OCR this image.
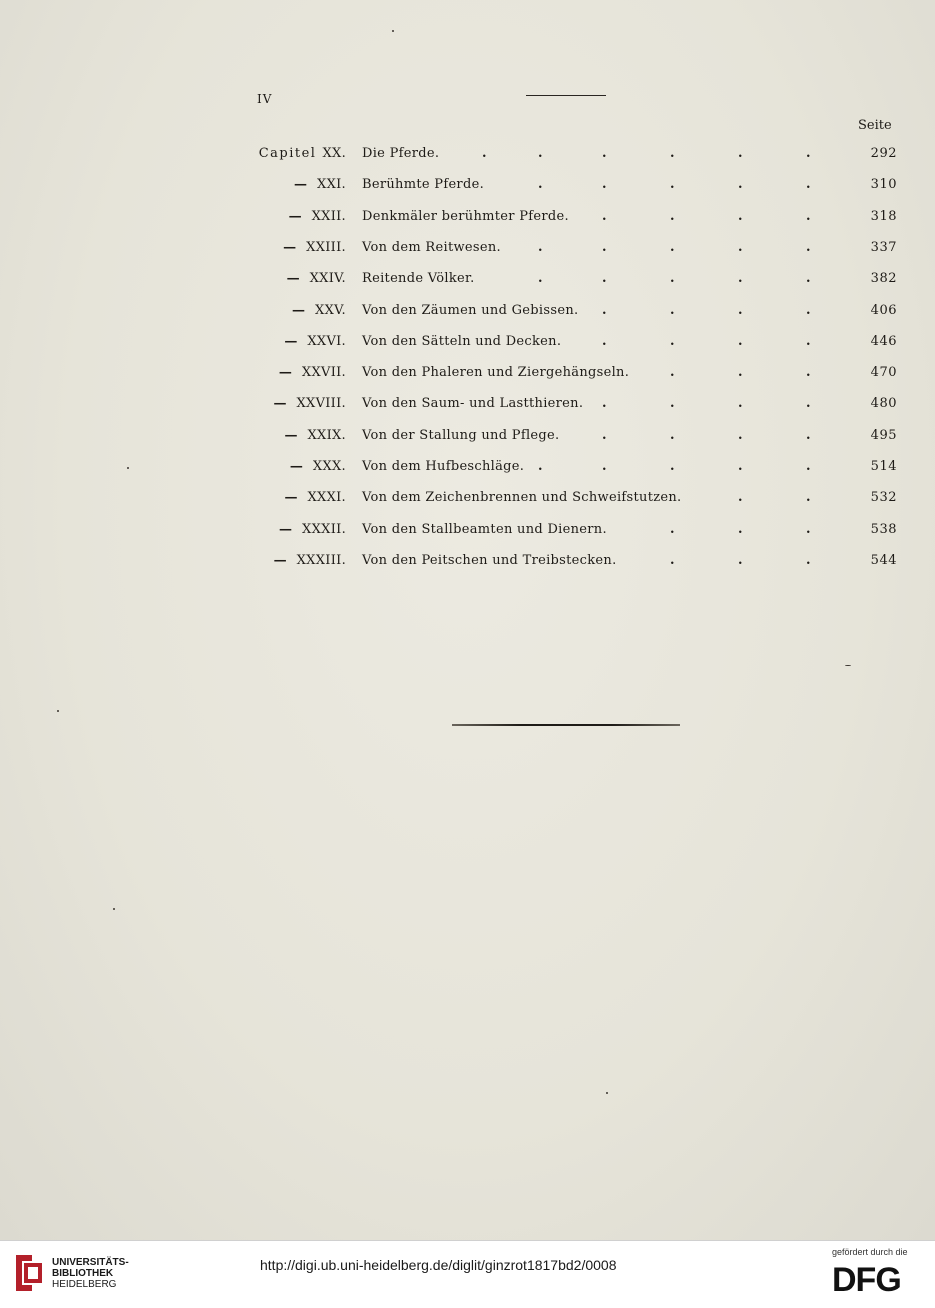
IV
Seite
Capitel XX. Die Pferde.	.	.	.	.	.	.	292
— XXI. Berühmte Pferde.	.	.	.	.	.	310
— XXII. Denkmäler berühmter Pferde.	.	.	.	.	318
— XXIII. Von dem Reitwesen.	.	.	.	.	.	337
— XXIV. Reitende Völker.	.	.	.	.	.	382
— XXV. Von den Zäumen und Gebissen. .	.	.	.	406
— XXVI. Von den Sätteln und Decken.	.	.	.	.	446
— XXVII. Von den Phaleren und Ziergehängseln.	.	.	.	470
— XXVIII. Von den Saum- und Lastthieren. .	.	.	.	480
— XXIX. Von der Stallung und Pflege.	.	.	.	.	495
— XXX. Von dem Hufbeschläge. .	.	.	.	.	514
— XXXI. Von dem Zeichenbrennen und Schweifstutzen.	.	.	532
— XXXII. Von den Stallbeamten und Dienern.	.	.	.	538
— XXXIII. Von den Peitschen und Treibstecken.	.	.	.	544
UNIVERSITÄTS-
BIBLIOTHEK
HEIDELBERG
http://digi.ub.uni-heidelberg.de/diglit/ginzrot1817bd2/0008
gefördert durch die
DFG
